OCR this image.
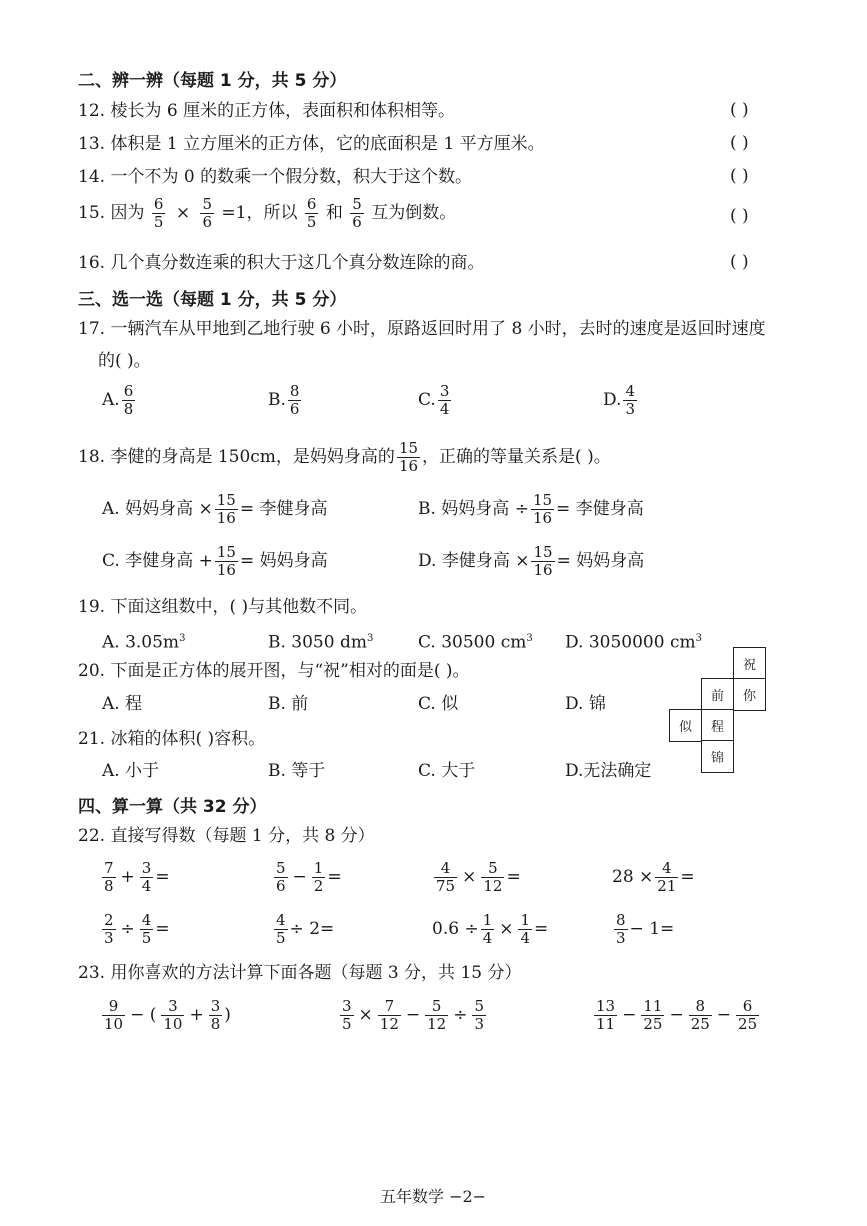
二、辨一辨（每题 1 分，共 5 分）
12. 棱长为 6 厘米的正方体，表面积和体积相等。	( )
13. 体积是 1 立方厘米的正方体，它的底面积是 1 平方厘米。	( )
14. 一个不为 0 的数乘一个假分数，积大于这个数。	( )
15. 因为 $\frac{6}{5} \times \frac{5}{6} =1$，所以 $\frac{6}{5}$ 和 $\frac{5}{6}$ 互为倒数。	( )
16. 几个真分数连乘的积大于这几个真分数连除的商。	( )
三、选一选（每题 1 分，共 5 分）
17. 一辆汽车从甲地到乙地行驶 6 小时，原路返回时用了 8 小时，去时的速度是返回时速度
的( )。
A. $\frac{6}{8}$	B. $\frac{8}{6}$	C. $\frac{3}{4}$	D. $\frac{4}{3}$
18. 李健的身高是 150cm，是妈妈身高的 $\frac{15}{16}$ ，正确的等量关系是( )。
A. 妈妈身高 × $\frac{15}{16}$ = 李健身高	B. 妈妈身高 ÷ $\frac{15}{16}$ = 李健身高
C. 李健身高 + $\frac{15}{16}$ = 妈妈身高	D. 李健身高 × $\frac{15}{16}$ = 妈妈身高
19. 下面这组数中，( )与其他数不同。
A. $3.05m^3$	B. 3050 $dm^3$	C. 30500 $cm^3$ D. 3050000 $cm^3$
20. 下面是正方体的展开图，与“祝”相对的面是( )。
A. 程	B. 前	C. 似	D. 锦
祝
前	你
似	程
锦
21. 冰箱的体积( )容积。
A. 小于	B. 等于	C. 大于	D.无法确定
四、算一算（共 32 分）
22. 直接写得数（每题 1 分，共 8 分）
$\frac{7}{8} + \frac{3}{4}$ =	$\frac{5}{6} - \frac{1}{2}$ =	$\frac{4}{75} \times \frac{5}{12}$ =	$28 \times \frac{4}{21}$ =
$\frac{2}{3} \div \frac{4}{5}$ =	$\frac{4}{5} \div 2=$	$0.6 \div \frac{1}{4} \times \frac{1}{4}$ =	$\frac{8}{3} - 1=$
23. 用你喜欢的方法计算下面各题（每题 3 分，共 15 分）
$\frac{9}{10}$ − ( $\frac{3}{10} + \frac{3}{8}$ )	$\frac{3}{5} \times \frac{7}{12} - \frac{5}{12} \div \frac{5}{3}$	$\frac{13}{11} - \frac{11}{25} - \frac{8}{25} - \frac{6}{25}$
五年数学 −2−
